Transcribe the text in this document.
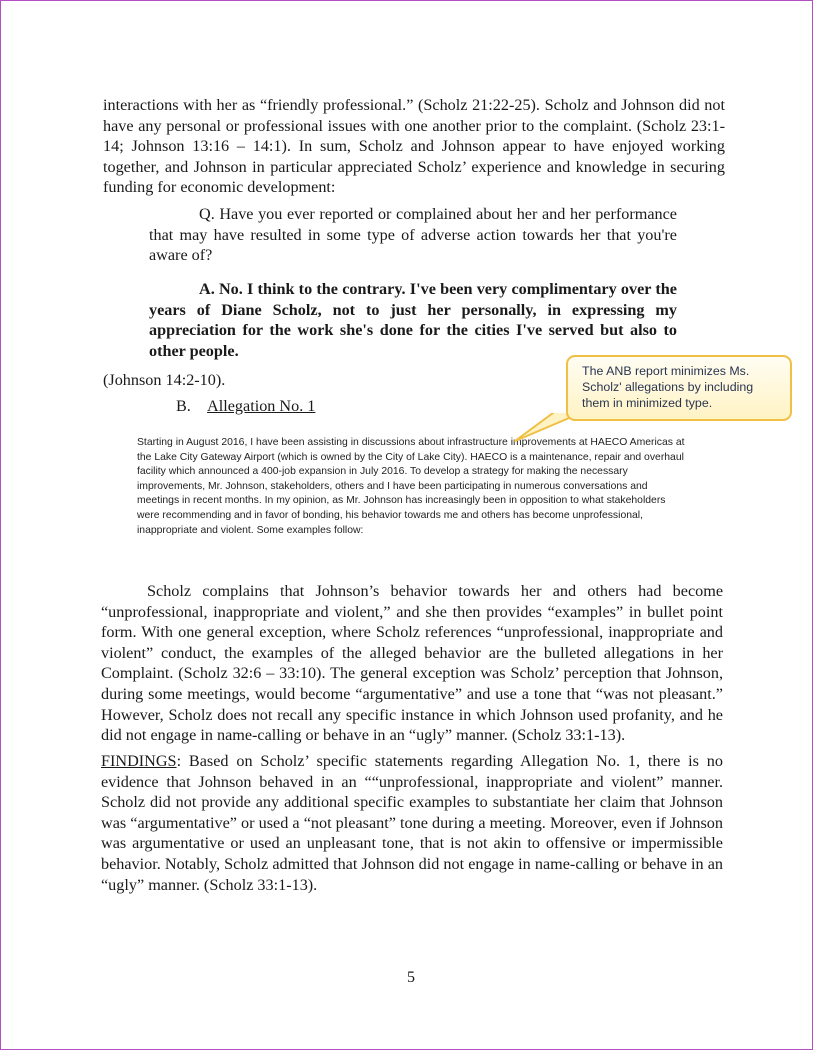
interactions with her as “friendly professional.” (Scholz 21:22-25). Scholz and Johnson did not have any personal or professional issues with one another prior to the complaint. (Scholz 23:1-14; Johnson 13:16 – 14:1). In sum, Scholz and Johnson appear to have enjoyed working together, and Johnson in particular appreciated Scholz’ experience and knowledge in securing funding for economic development:
Q. Have you ever reported or complained about her and her performance that may have resulted in some type of adverse action towards her that you're aware of?
A. No. I think to the contrary. I've been very complimentary over the years of Diane Scholz, not to just her personally, in expressing my appreciation for the work she's done for the cities I've served but also to other people.
(Johnson 14:2-10).
B. Allegation No. 1
Starting in August 2016, I have been assisting in discussions about infrastructure improvements at HAECO Americas at the Lake City Gateway Airport (which is owned by the City of Lake City). HAECO is a maintenance, repair and overhaul facility which announced a 400-job expansion in July 2016. To develop a strategy for making the necessary improvements, Mr. Johnson, stakeholders, others and I have been participating in numerous conversations and meetings in recent months. In my opinion, as Mr. Johnson has increasingly been in opposition to what stakeholders were recommending and in favor of bonding, his behavior towards me and others has become unprofessional, inappropriate and violent. Some examples follow:
Scholz complains that Johnson’s behavior towards her and others had become “unprofessional, inappropriate and violent,” and she then provides “examples” in bullet point form. With one general exception, where Scholz references “unprofessional, inappropriate and violent” conduct, the examples of the alleged behavior are the bulleted allegations in her Complaint. (Scholz 32:6 – 33:10). The general exception was Scholz’ perception that Johnson, during some meetings, would become “argumentative” and use a tone that “was not pleasant.” However, Scholz does not recall any specific instance in which Johnson used profanity, and he did not engage in name-calling or behave in an “ugly” manner. (Scholz 33:1-13).
FINDINGS: Based on Scholz’ specific statements regarding Allegation No. 1, there is no evidence that Johnson behaved in an ““unprofessional, inappropriate and violent” manner. Scholz did not provide any additional specific examples to substantiate her claim that Johnson was “argumentative” or used a “not pleasant” tone during a meeting. Moreover, even if Johnson was argumentative or used an unpleasant tone, that is not akin to offensive or impermissible behavior. Notably, Scholz admitted that Johnson did not engage in name-calling or behave in an “ugly” manner. (Scholz 33:1-13).
5
The ANB report minimizes Ms. Scholz' allegations by including them in minimized type.
